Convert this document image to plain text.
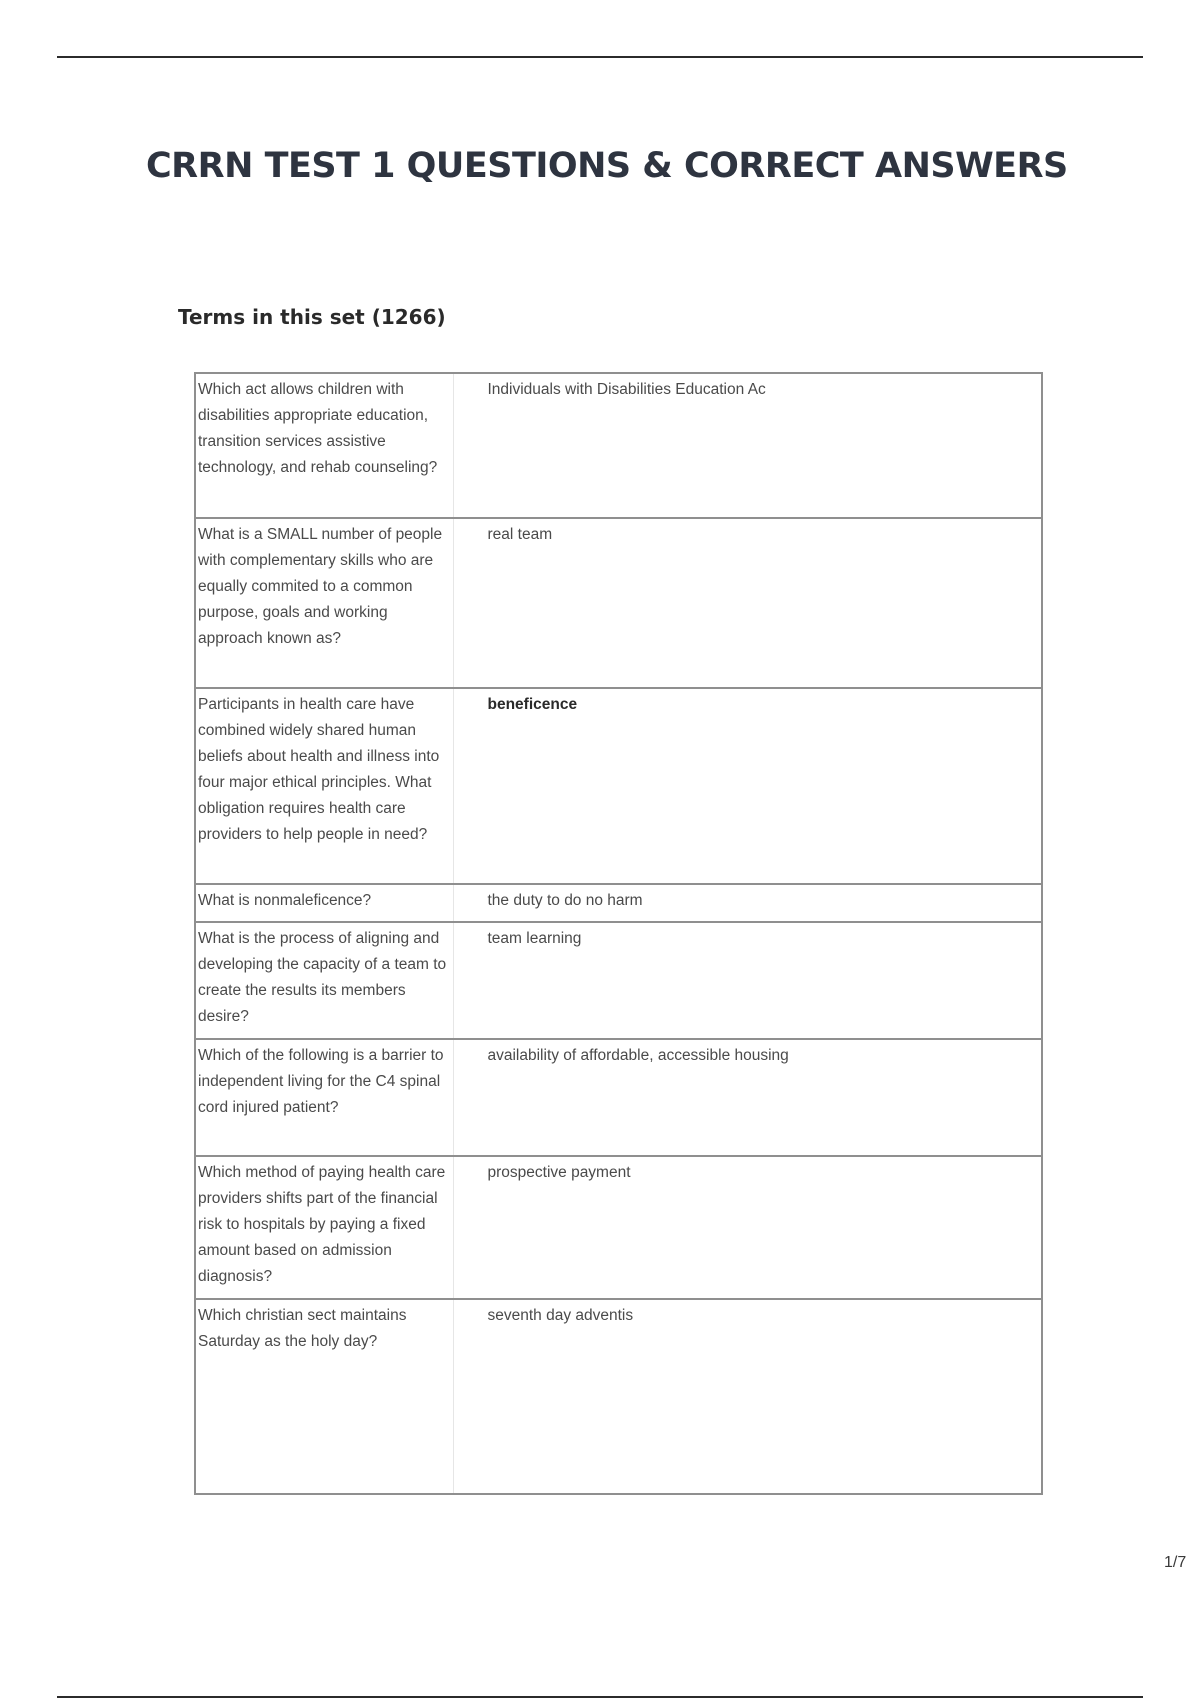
CRRN TEST 1 QUESTIONS & CORRECT ANSWERS
Terms in this set (1266)
Which act allows children with disabilities appropriate education, transition services assistive technology, and rehab counseling?	Individuals with Disabilities Education Ac
What is a SMALL number of people with complementary skills who are equally commited to a common purpose, goals and working approach known as?	real team
Participants in health care have combined widely shared human beliefs about health and illness into four major ethical principles. What obligation requires health care providers to help people in need?	beneficence
What is nonmaleficence?	the duty to do no harm
What is the process of aligning and developing the capacity of a team to create the results its members desire?	team learning
Which of the following is a barrier to independent living for the C4 spinal cord injured patient?	availability of affordable, accessible housing
Which method of paying health care providers shifts part of the financial risk to hospitals by paying a fixed amount based on admission diagnosis?	prospective payment
Which christian sect maintains Saturday as the holy day?	seventh day adventis
1/7
